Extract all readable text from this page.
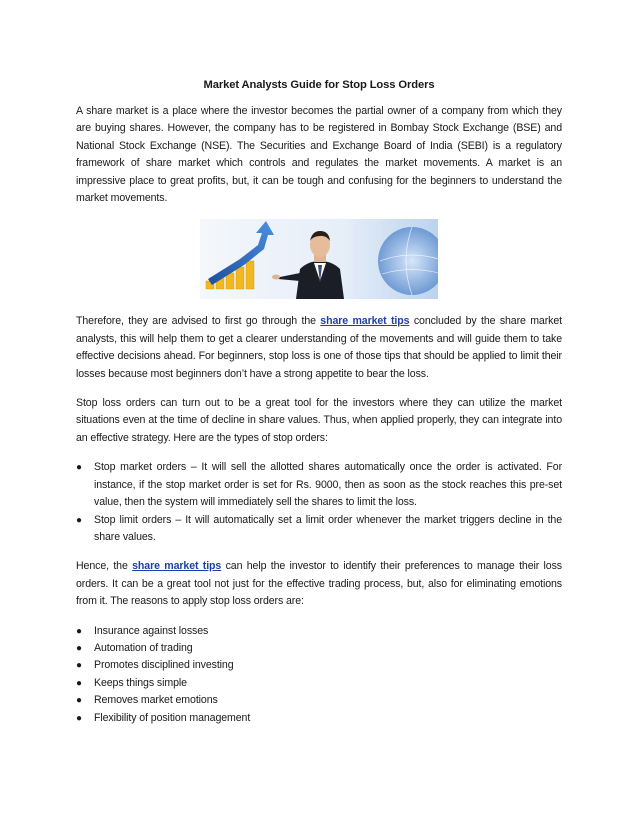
Market Analysts Guide for Stop Loss Orders

A share market is a place where the investor becomes the partial owner of a company from which they are buying shares. However, the company has to be registered in Bombay Stock Exchange (BSE) and National Stock Exchange (NSE). The Securities and Exchange Board of India (SEBI) is a regulatory framework of share market which controls and regulates the market movements. A market is an impressive place to great profits, but, it can be tough and confusing for the beginners to understand the market movements.

Therefore, they are advised to first go through the share market tips concluded by the share market analysts, this will help them to get a clearer understanding of the movements and will guide them to take effective decisions ahead. For beginners, stop loss is one of those tips that should be applied to limit their losses because most beginners don’t have a strong appetite to bear the loss.

Stop loss orders can turn out to be a great tool for the investors where they can utilize the market situations even at the time of decline in share values. Thus, when applied properly, they can integrate into an effective strategy. Here are the types of stop orders:

●	Stop market orders – It will sell the allotted shares automatically once the order is activated. For instance, if the stop market order is set for Rs. 9000, then as soon as the stock reaches this pre-set value, then the system will immediately sell the shares to limit the loss.
●	Stop limit orders – It will automatically set a limit order whenever the market triggers decline in the share values.

Hence, the share market tips can help the investor to identify their preferences to manage their loss orders. It can be a great tool not just for the effective trading process, but, also for eliminating emotions from it. The reasons to apply stop loss orders are:

●	Insurance against losses
●	Automation of trading
●	Promotes disciplined investing
●	Keeps things simple
●	Removes market emotions
●	Flexibility of position management
